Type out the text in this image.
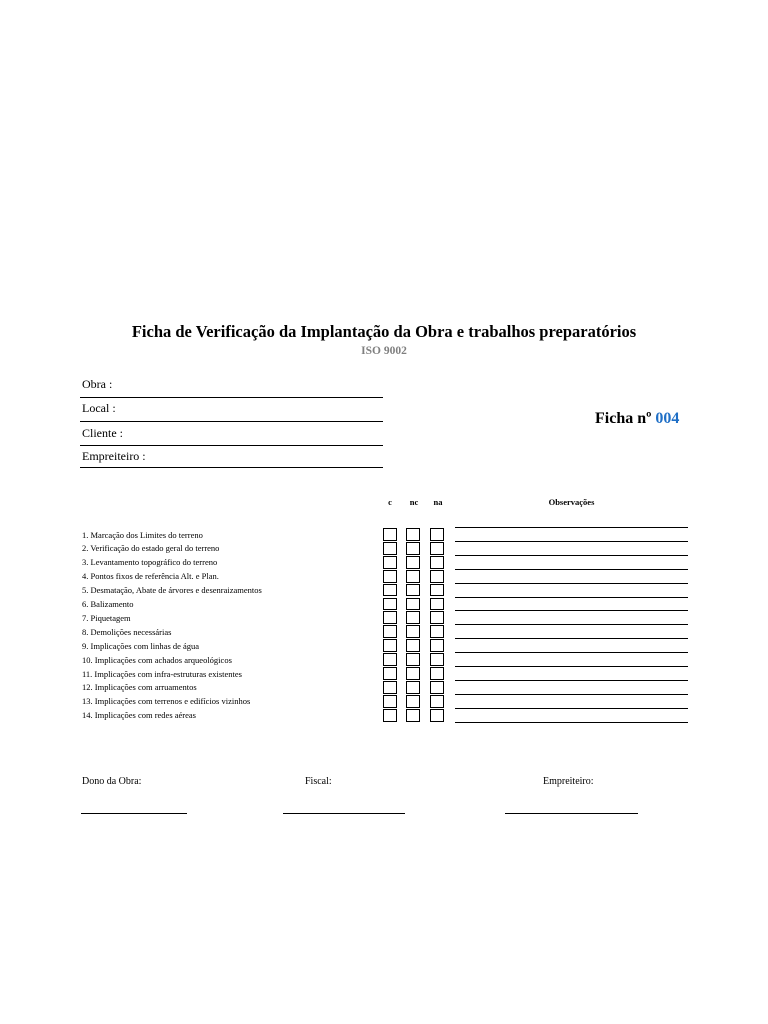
Ficha de Verificação da Implantação da Obra e trabalhos preparatórios
ISO 9002
Obra :
Local :
Cliente :
Empreiteiro :
Ficha nº 004
c	nc	na	Observações
1. Marcação dos Limites do terreno
2. Verificação do estado geral do terreno
3. Levantamento topográfico do terreno
4. Pontos fixos de referência Alt. e Plan.
5. Desmatação, Abate de árvores e desenraizamentos
6. Balizamento
7. Piquetagem
8. Demolições necessárias
9. Implicações com linhas de água
10. Implicações com achados arqueológicos
11. Implicações com infra-estruturas existentes
12. Implicações com arruamentos
13. Implicações com terrenos e edifícios vizinhos
14. Implicações com redes aéreas
Dono da Obra:	Fiscal:	Empreiteiro:
